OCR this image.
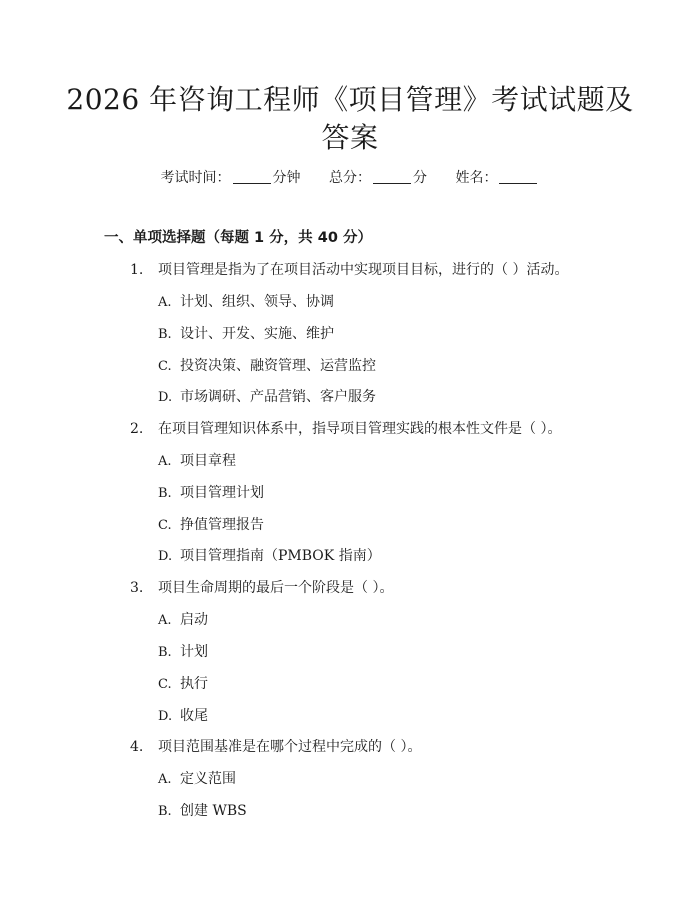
2026 年咨询工程师《项目管理》考试试题及
答案
考试时间：	分钟 总分：	分 姓名：
一、单项选择题（每题 1 分，共 40 分）
1. 项目管理是指为了在项目活动中实现项目目标，进行的（ ）活动。
A. 计划、组织、领导、协调
B. 设计、开发、实施、维护
C. 投资决策、融资管理、运营监控
D. 市场调研、产品营销、客户服务
2. 在项目管理知识体系中，指导项目管理实践的根本性文件是（ ）。
A. 项目章程
B. 项目管理计划
C. 挣值管理报告
D. 项目管理指南（PMBOK 指南）
3. 项目生命周期的最后一个阶段是（ ）。
A. 启动
B. 计划
C. 执行
D. 收尾
4. 项目范围基准是在哪个过程中完成的（ ）。
A. 定义范围
B. 创建 WBS
